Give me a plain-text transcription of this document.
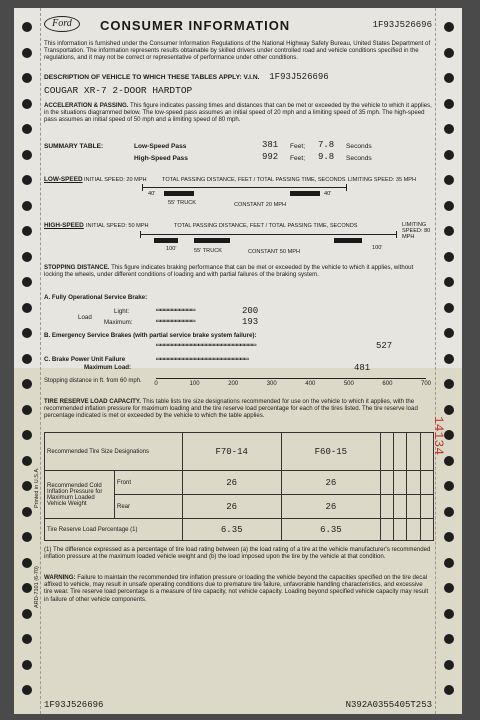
Ford	CONSUMER INFORMATION	1F93J526696
This information is furnished under the Consumer Information Regulations of the National Highway Safety Bureau, United States Department of Transportation. The information represents results obtainable by skilled drivers under controlled road and vehicle conditions specified in the regulations, and it may not be correct or representative of performance under other conditions.
DESCRIPTION OF VEHICLE TO WHICH THESE TABLES APPLY: V.I.N. 1F93J526696
COUGAR XR-7 2-DOOR HARDTOP
ACCELERATION & PASSING. This figure indicates passing times and distances that can be met or exceeded by the vehicle to which it applies, in the situations diagrammed below. The low-speed pass assumes an initial speed of 20 mph and a limiting speed of 35 mph. The high-speed pass assumes an initial speed of 50 mph and a limiting speed of 80 mph.
SUMMARY TABLE:	Low-Speed Pass	381 Feet; 7.8 Seconds
High-Speed Pass	992 Feet; 9.8 Seconds
LOW-SPEED INITIAL SPEED: 20 MPH	TOTAL PASSING DISTANCE, FEET / TOTAL PASSING TIME, SECONDS LIMITING SPEED: 35 MPH
40'	40'
55' TRUCK	CONSTANT 20 MPH
HIGH-SPEED INITIAL SPEED: 50 MPH	TOTAL PASSING DISTANCE, FEET / TOTAL PASSING TIME, SECONDS	LIMITING SPEED: 80 MPH
100'	100'
55' TRUCK	CONSTANT 50 MPH
STOPPING DISTANCE. This figure indicates braking performance that can be met or exceeded by the vehicle to which it applies, without locking the wheels, under different conditions of loading and with partial failures of the braking system.
A. Fully Operational Service Brake:
Light:
Load
▭▭▭▭▭▭▭▭▭▭	200
Maximum:	▭▭▭▭▭▭▭▭▭▭	193
B. Emergency Service Brakes (with partial service brake system failure):
▭▭▭▭▭▭▭▭▭▭▭▭▭▭▭▭▭▭▭▭▭▭▭▭▭▭	527
C. Brake Power Unit Failure
Maximum Load:
▭▭▭▭▭▭▭▭▭▭▭▭▭▭▭▭▭▭▭▭▭▭▭▭
481
Stopping distance in ft. from 60 mph.	0	100	200	300	400	500	600	700
TIRE RESERVE LOAD CAPACITY. This table lists tire size designations recommended for use on the vehicle to which it applies, with the recommended inflation pressure for maximum loading and the tire reserve load percentage for each of the tires listed. The tire reserve load percentage indicated is met or exceeded by the vehicle to which the table applies.
Recommended Tire Size Designations		F70-14	F60-15				
Recommended Cold Inflation Pressure for Maximum Loaded Vehicle Weight	Front	26	26				
	Rear	26	26				
Tire Reserve Load Percentage (1)		6.35	6.35				
(1) The difference expressed as a percentage of tire load rating between (a) the load rating of a tire at the vehicle manufacturer's recommended inflation pressure at the maximum loaded vehicle weight and (b) the load imposed upon the tire by the vehicle at that condition.
WARNING: Failure to maintain the recommended tire inflation pressure or loading the vehicle beyond the capacities specified on the tire decal affixed to vehicle, may result in unsafe operating conditions due to premature tire failure, unfavorable handling characteristics, and excessive tire wear. Tire reserve load percentage is a measure of tire capacity, not vehicle capacity. Loading beyond specified vehicle capacity may result in failure of other vehicle components.
1F93J526696	N392A0355405T253
Printed in U.S.A.
ARD-7101 (6-70)
14134
